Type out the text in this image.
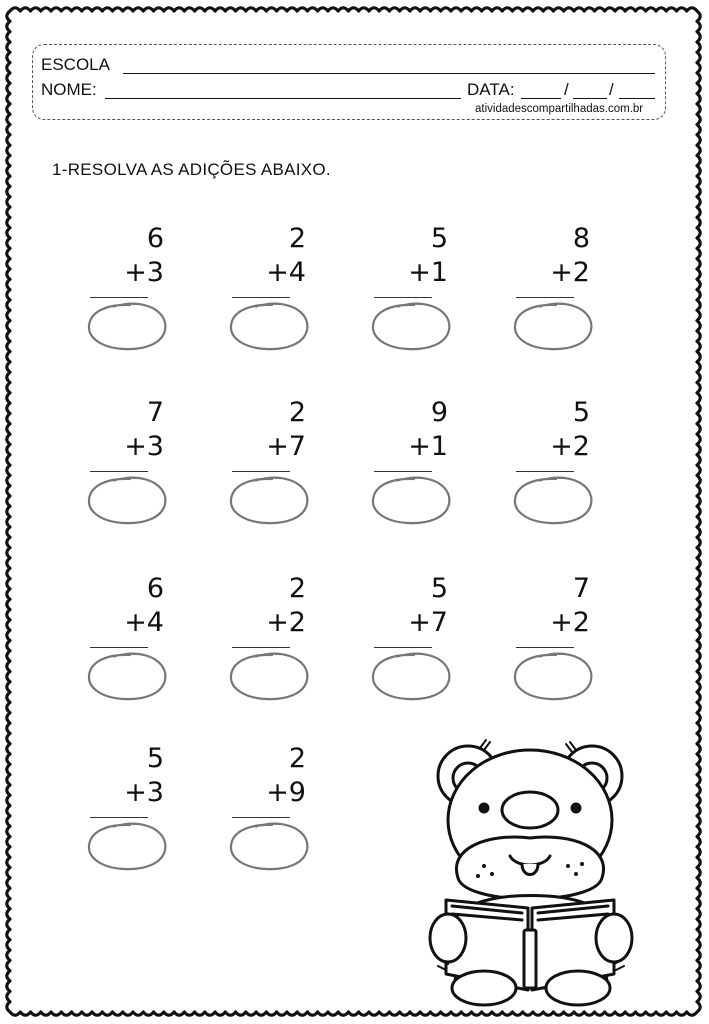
ESCOLA
NOME:	DATA:	/ /
atividadescompartilhadas.com.br
1-RESOLVA AS ADIÇÕES ABAIXO.
6
+3
2
+4
5
+1
8
+2
7
+3
2
+7
9
+1
5
+2
6
+4
2
+2
5
+7
7
+2
5
+3
2
+9
